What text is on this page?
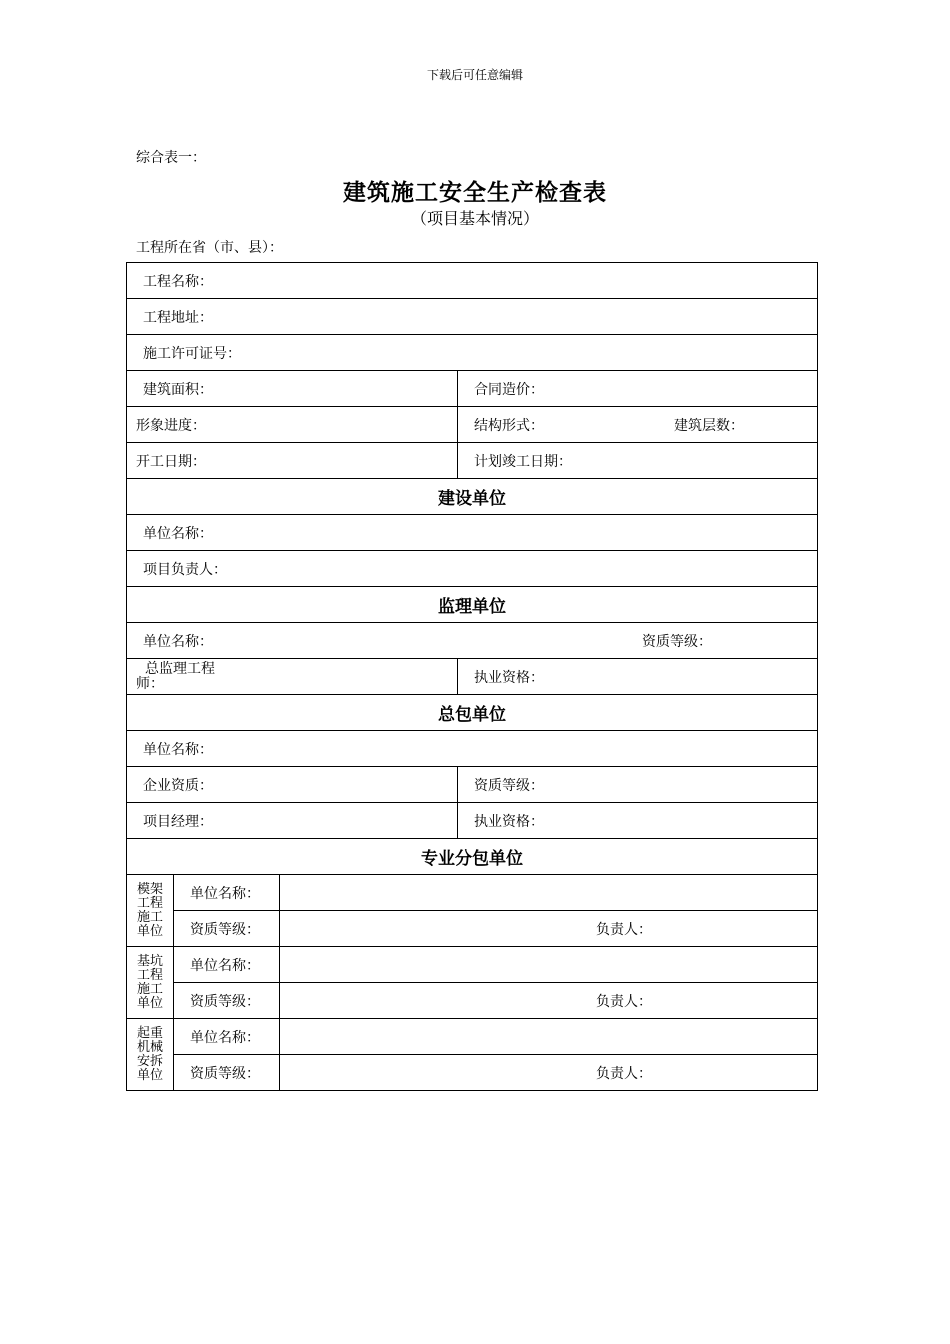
下载后可任意编辑
综合表一：
建筑施工安全生产检查表
（项目基本情况）
工程所在省（市、县）：
工程名称：			
工程地址：			
施工许可证号：			
建筑面积：			合同造价：
形象进度：			结构形式： 建筑层数：

开工日期：			计划竣工日期：
建设单位			
单位名称：			
项目负责人：			
监理单位			

单位名称： 资质等级：			

总监理工程
师：			执业资格：
总包单位			
单位名称：			
企业资质：			资质等级：
项目经理：			执业资格：
专业分包单位			
模架工程施工单位	单位名称：		
	资质等级：	负责人：	

基坑工程施工单位	单位名称：		
	资质等级：	负责人：	

起重机械安拆单位	单位名称：		
	资质等级：	负责人：	
